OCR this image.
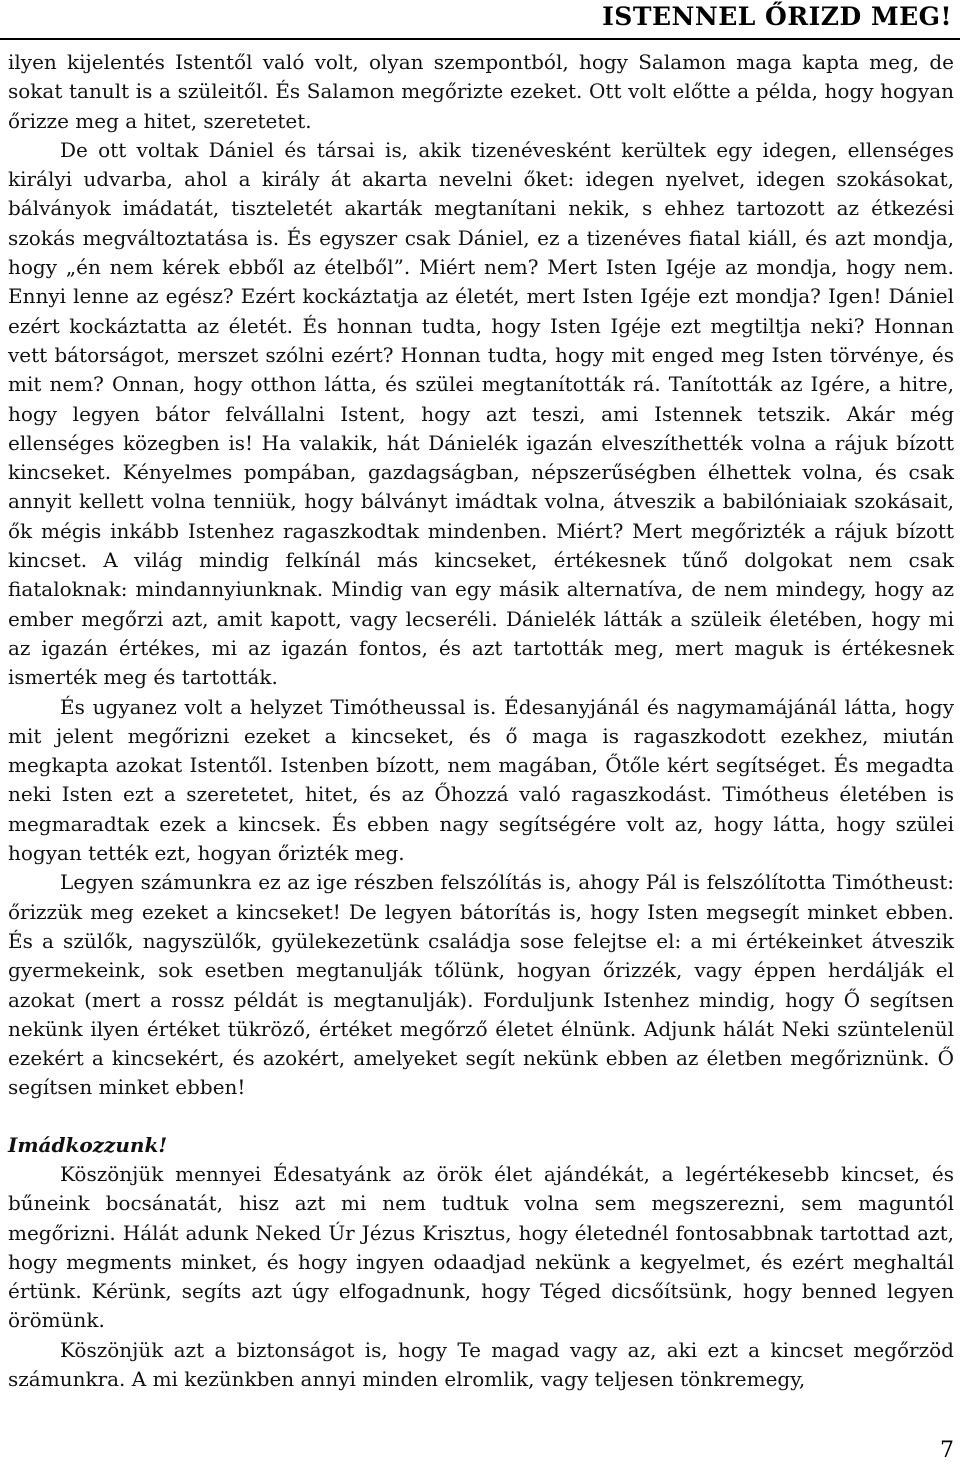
ISTENNEL ŐRIZD MEG!

ilyen kijelentés Istentől való volt, olyan szempontból, hogy Salamon maga kapta meg, de sokat tanult is a szüleitől. És Salamon megőrizte ezeket. Ott volt előtte a példa, hogy hogyan őrizze meg a hitet, szeretetet.

De ott voltak Dániel és társai is, akik tizenévesként kerültek egy idegen, ellenséges királyi udvarba, ahol a király át akarta nevelni őket: idegen nyelvet, idegen szokásokat, bálványok imádatát, tiszteletét akarták megtanítani nekik, s ehhez tartozott az étkezési szokás megváltoztatása is. És egyszer csak Dániel, ez a tizenéves fiatal kiáll, és azt mondja, hogy „én nem kérek ebből az ételből”. Miért nem? Mert Isten Igéje az mondja, hogy nem. Ennyi lenne az egész? Ezért kockáztatja az életét, mert Isten Igéje ezt mondja? Igen! Dániel ezért kockáztatta az életét. És honnan tudta, hogy Isten Igéje ezt megtiltja neki? Honnan vett bátorságot, merszet szólni ezért? Honnan tudta, hogy mit enged meg Isten törvénye, és mit nem? Onnan, hogy otthon látta, és szülei megtanították rá. Tanították az Igére, a hitre, hogy legyen bátor felvállalni Istent, hogy azt teszi, ami Istennek tetszik. Akár még ellenséges közegben is! Ha valakik, hát Dánielék igazán elveszíthették volna a rájuk bízott kincseket. Kényelmes pompában, gazdagságban, népszerűségben élhettek volna, és csak annyit kellett volna tenniük, hogy bálványt imádtak volna, átveszik a babilóniaiak szokásait, ők mégis inkább Istenhez ragaszkodtak mindenben. Miért? Mert megőrizték a rájuk bízott kincset. A világ mindig felkínál más kincseket, értékesnek tűnő dolgokat nem csak fiataloknak: mindannyiunknak. Mindig van egy másik alternatíva, de nem mindegy, hogy az ember megőrzi azt, amit kapott, vagy lecseréli. Dánielék látták a szüleik életében, hogy mi az igazán értékes, mi az igazán fontos, és azt tartották meg, mert maguk is értékesnek ismerték meg és tartották.

És ugyanez volt a helyzet Timótheussal is. Édesanyjánál és nagymamájánál látta, hogy mit jelent megőrizni ezeket a kincseket, és ő maga is ragaszkodott ezekhez, miután megkapta azokat Istentől. Istenben bízott, nem magában, Őtőle kért segítséget. És megadta neki Isten ezt a szeretetet, hitet, és az Őhozzá való ragaszkodást. Timótheus életében is megmaradtak ezek a kincsek. És ebben nagy segítségére volt az, hogy látta, hogy szülei hogyan tették ezt, hogyan őrizték meg.

Legyen számunkra ez az ige részben felszólítás is, ahogy Pál is felszólította Timótheust: őrizzük meg ezeket a kincseket! De legyen bátorítás is, hogy Isten megsegít minket ebben. És a szülők, nagyszülők, gyülekezetünk családja sose felejtse el: a mi értékeinket átveszik gyermekeink, sok esetben megtanulják tőlünk, hogyan őrizzék, vagy éppen herdálják el azokat (mert a rossz példát is megtanulják). Forduljunk Istenhez mindig, hogy Ő segítsen nekünk ilyen értéket tükröző, értéket megőrző életet élnünk. Adjunk hálát Neki szüntelenül ezekért a kincsekért, és azokért, amelyeket segít nekünk ebben az életben megőriznünk. Ő segítsen minket ebben!

Imádkozzunk!

Köszönjük mennyei Édesatyánk az örök élet ajándékát, a legértékesebb kincset, és bűneink bocsánatát, hisz azt mi nem tudtuk volna sem megszerezni, sem maguntól megőrizni. Hálát adunk Neked Úr Jézus Krisztus, hogy életednél fontosabbnak tartottad azt, hogy megments minket, és hogy ingyen odaadjad nekünk a kegyelmet, és ezért meghaltál értünk. Kérünk, segíts azt úgy elfogadnunk, hogy Téged dicsőítsünk, hogy benned legyen örömünk.

Köszönjük azt a biztonságot is, hogy Te magad vagy az, aki ezt a kincset megőrzöd számunkra. A mi kezünkben annyi minden elromlik, vagy teljesen tönkremegy,

7
